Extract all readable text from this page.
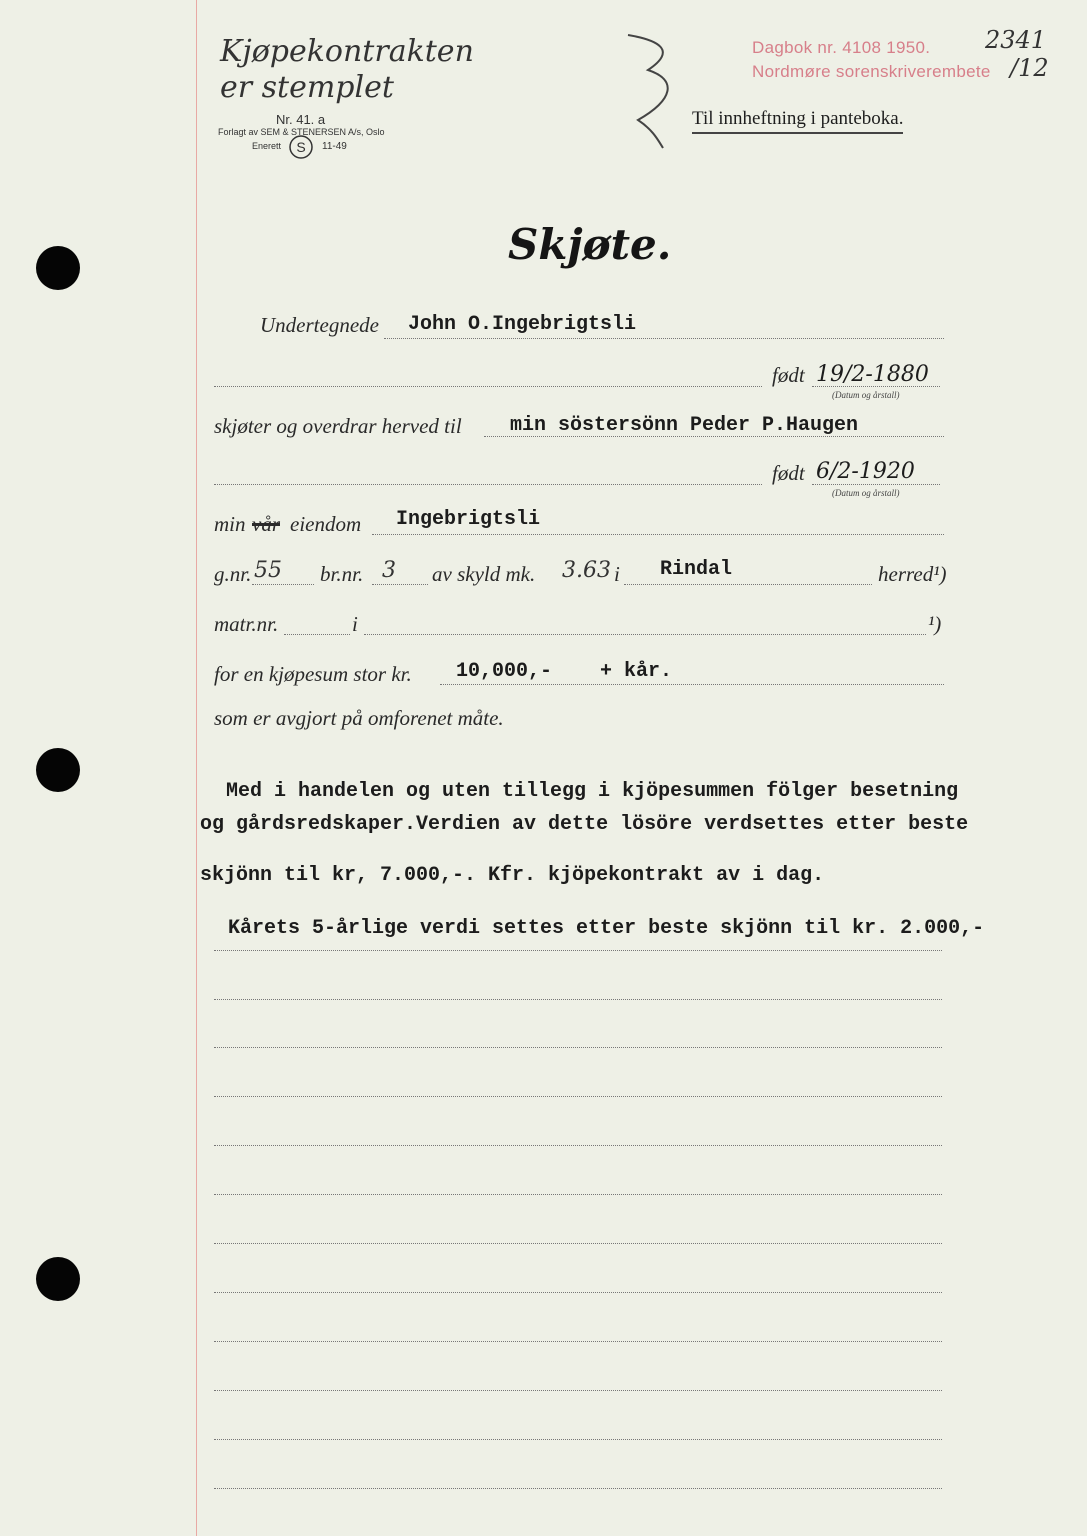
Kjøpekontrakten
er stemplet
Dagbok nr. 4108 1950.
Nordmøre sorenskriverembete
2341
/12
Nr. 41. a
Forlagt av SEM & STENERSEN A/s, Oslo
Enerett S 11-49
Til innheftning i panteboka.
Skjøte.
Undertegnede John O.Ingebrigtsli
født 19/2-1880
(Datum og årstall)
skjøter og overdrar herved til min söstersönn Peder P.Haugen
født 6/2-1920
(Datum og årstall)
min vår eiendom Ingebrigtsli
g.nr. 55 br.nr. 3 av skyld mk. 3.63 i Rindal	herred¹)
matr.nr.	i	¹)
for en kjøpesum stor kr. 10,000,- + kår.
som er avgjort på omforenet måte.
Med i handelen og uten tillegg i kjöpesummen fölger besetning
og gårdsredskaper.Verdien av dette lösöre verdsettes etter beste
skjönn til kr, 7.000,-. Kfr. kjöpekontrakt av i dag.
Kårets 5-årlige verdi settes etter beste skjönn til kr. 2.000,-
